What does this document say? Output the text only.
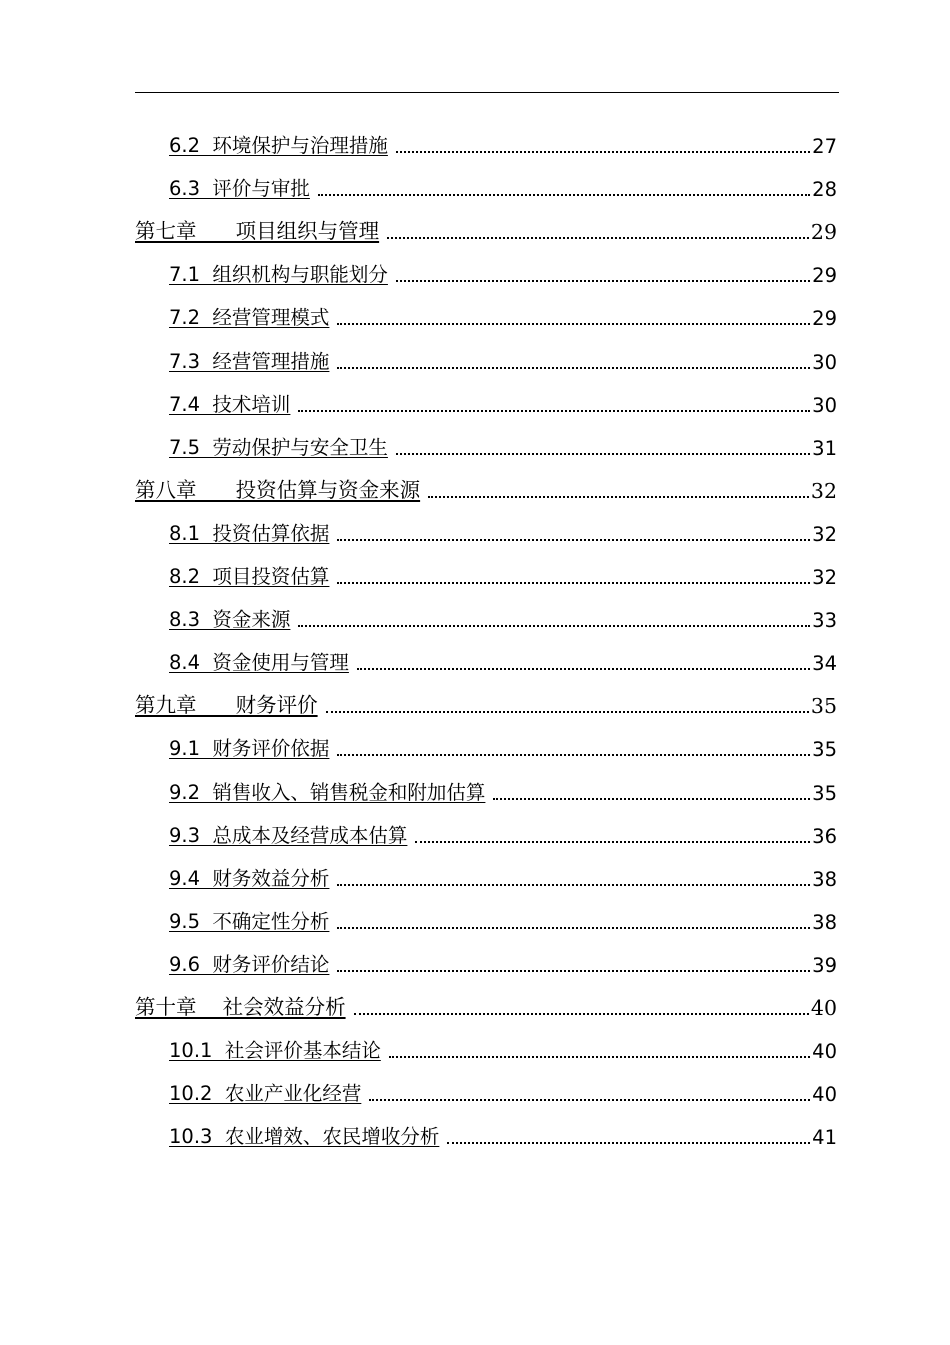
6.2  环境保护与治理措施	27
6.3  评价与审批	28
第七章      项目组织与管理	29
7.1  组织机构与职能划分	29
7.2  经营管理模式	29
7.3  经营管理措施	30
7.4  技术培训	30
7.5  劳动保护与安全卫生	31
第八章      投资估算与资金来源	32
8.1  投资估算依据	32
8.2  项目投资估算	32
8.3  资金来源	33
8.4  资金使用与管理	34
第九章      财务评价	35
9.1  财务评价依据	35
9.2  销售收入、销售税金和附加估算	35
9.3  总成本及经营成本估算	36
9.4  财务效益分析	38
9.5  不确定性分析	38
9.6  财务评价结论	39
第十章    社会效益分析	40
10.1  社会评价基本结论	40
10.2  农业产业化经营	40
10.3  农业增效、农民增收分析	41
